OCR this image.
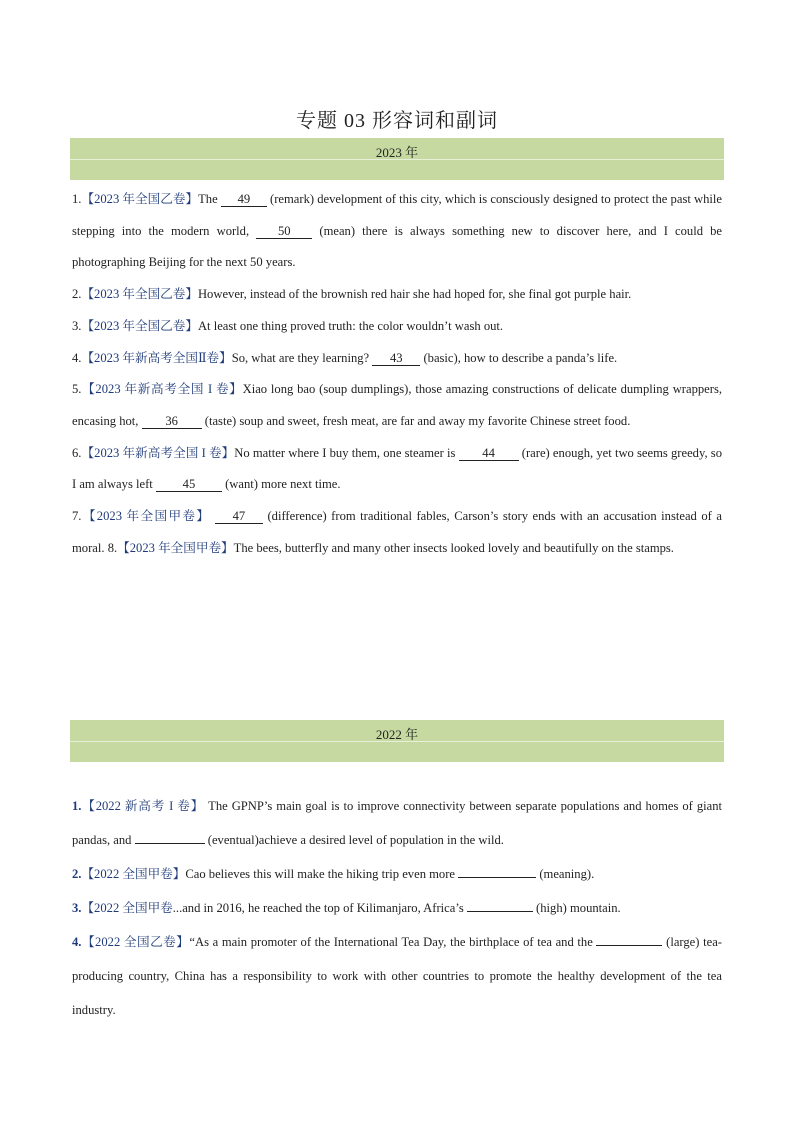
专题 03 形容词和副词
2023 年

1.【2023 年全国乙卷】The 49 (remark) development of this city, which is consciously designed to protect the past while stepping into the modern world, 50 (mean) there is always something new to discover here, and I could be photographing Beijing for the next 50 years.

2.【2023 年全国乙卷】However, instead of the brownish red hair she had hoped for, she final got purple hair.

3.【2023 年全国乙卷】At least one thing proved truth: the color wouldn’t wash out.

4.【2023 年新高考全国Ⅱ卷】So, what are they learning? 43 (basic), how to describe a panda’s life.

5.【2023 年新高考全国 I 卷】Xiao long bao (soup dumplings), those amazing constructions of delicate dumpling wrappers, encasing hot, 36 (taste) soup and sweet, fresh meat, are far and away my favorite Chinese street food.

6.【2023 年新高考全国 I 卷】No matter where I buy them, one steamer is 44 (rare) enough, yet two seems greedy, so I am always left 45 (want) more next time.

7.【2023 年全国甲卷】 47 (difference) from traditional fables, Carson’s story ends with an accusation instead of a moral. 8.【2023 年全国甲卷】The bees, butterfly and many other insects looked lovely and beautifully on the stamps.

2022 年

1.【2022 新高考 I 卷】 The GPNP’s main goal is to improve connectivity between separate populations and homes of giant pandas, and	(eventual)achieve a desired level of population in the wild.

2.【2022 全国甲卷】Cao believes this will make the hiking trip even more	(meaning).

3.【2022 全国甲卷...and in 2016, he reached the top of Kilimanjaro, Africa’s	(high) mountain.

4.【2022 全国乙卷】“As a main promoter of the International Tea Day, the birthplace of tea and the	(large) tea-producing country, China has a responsibility to work with other countries to promote the healthy development of the tea industry.
